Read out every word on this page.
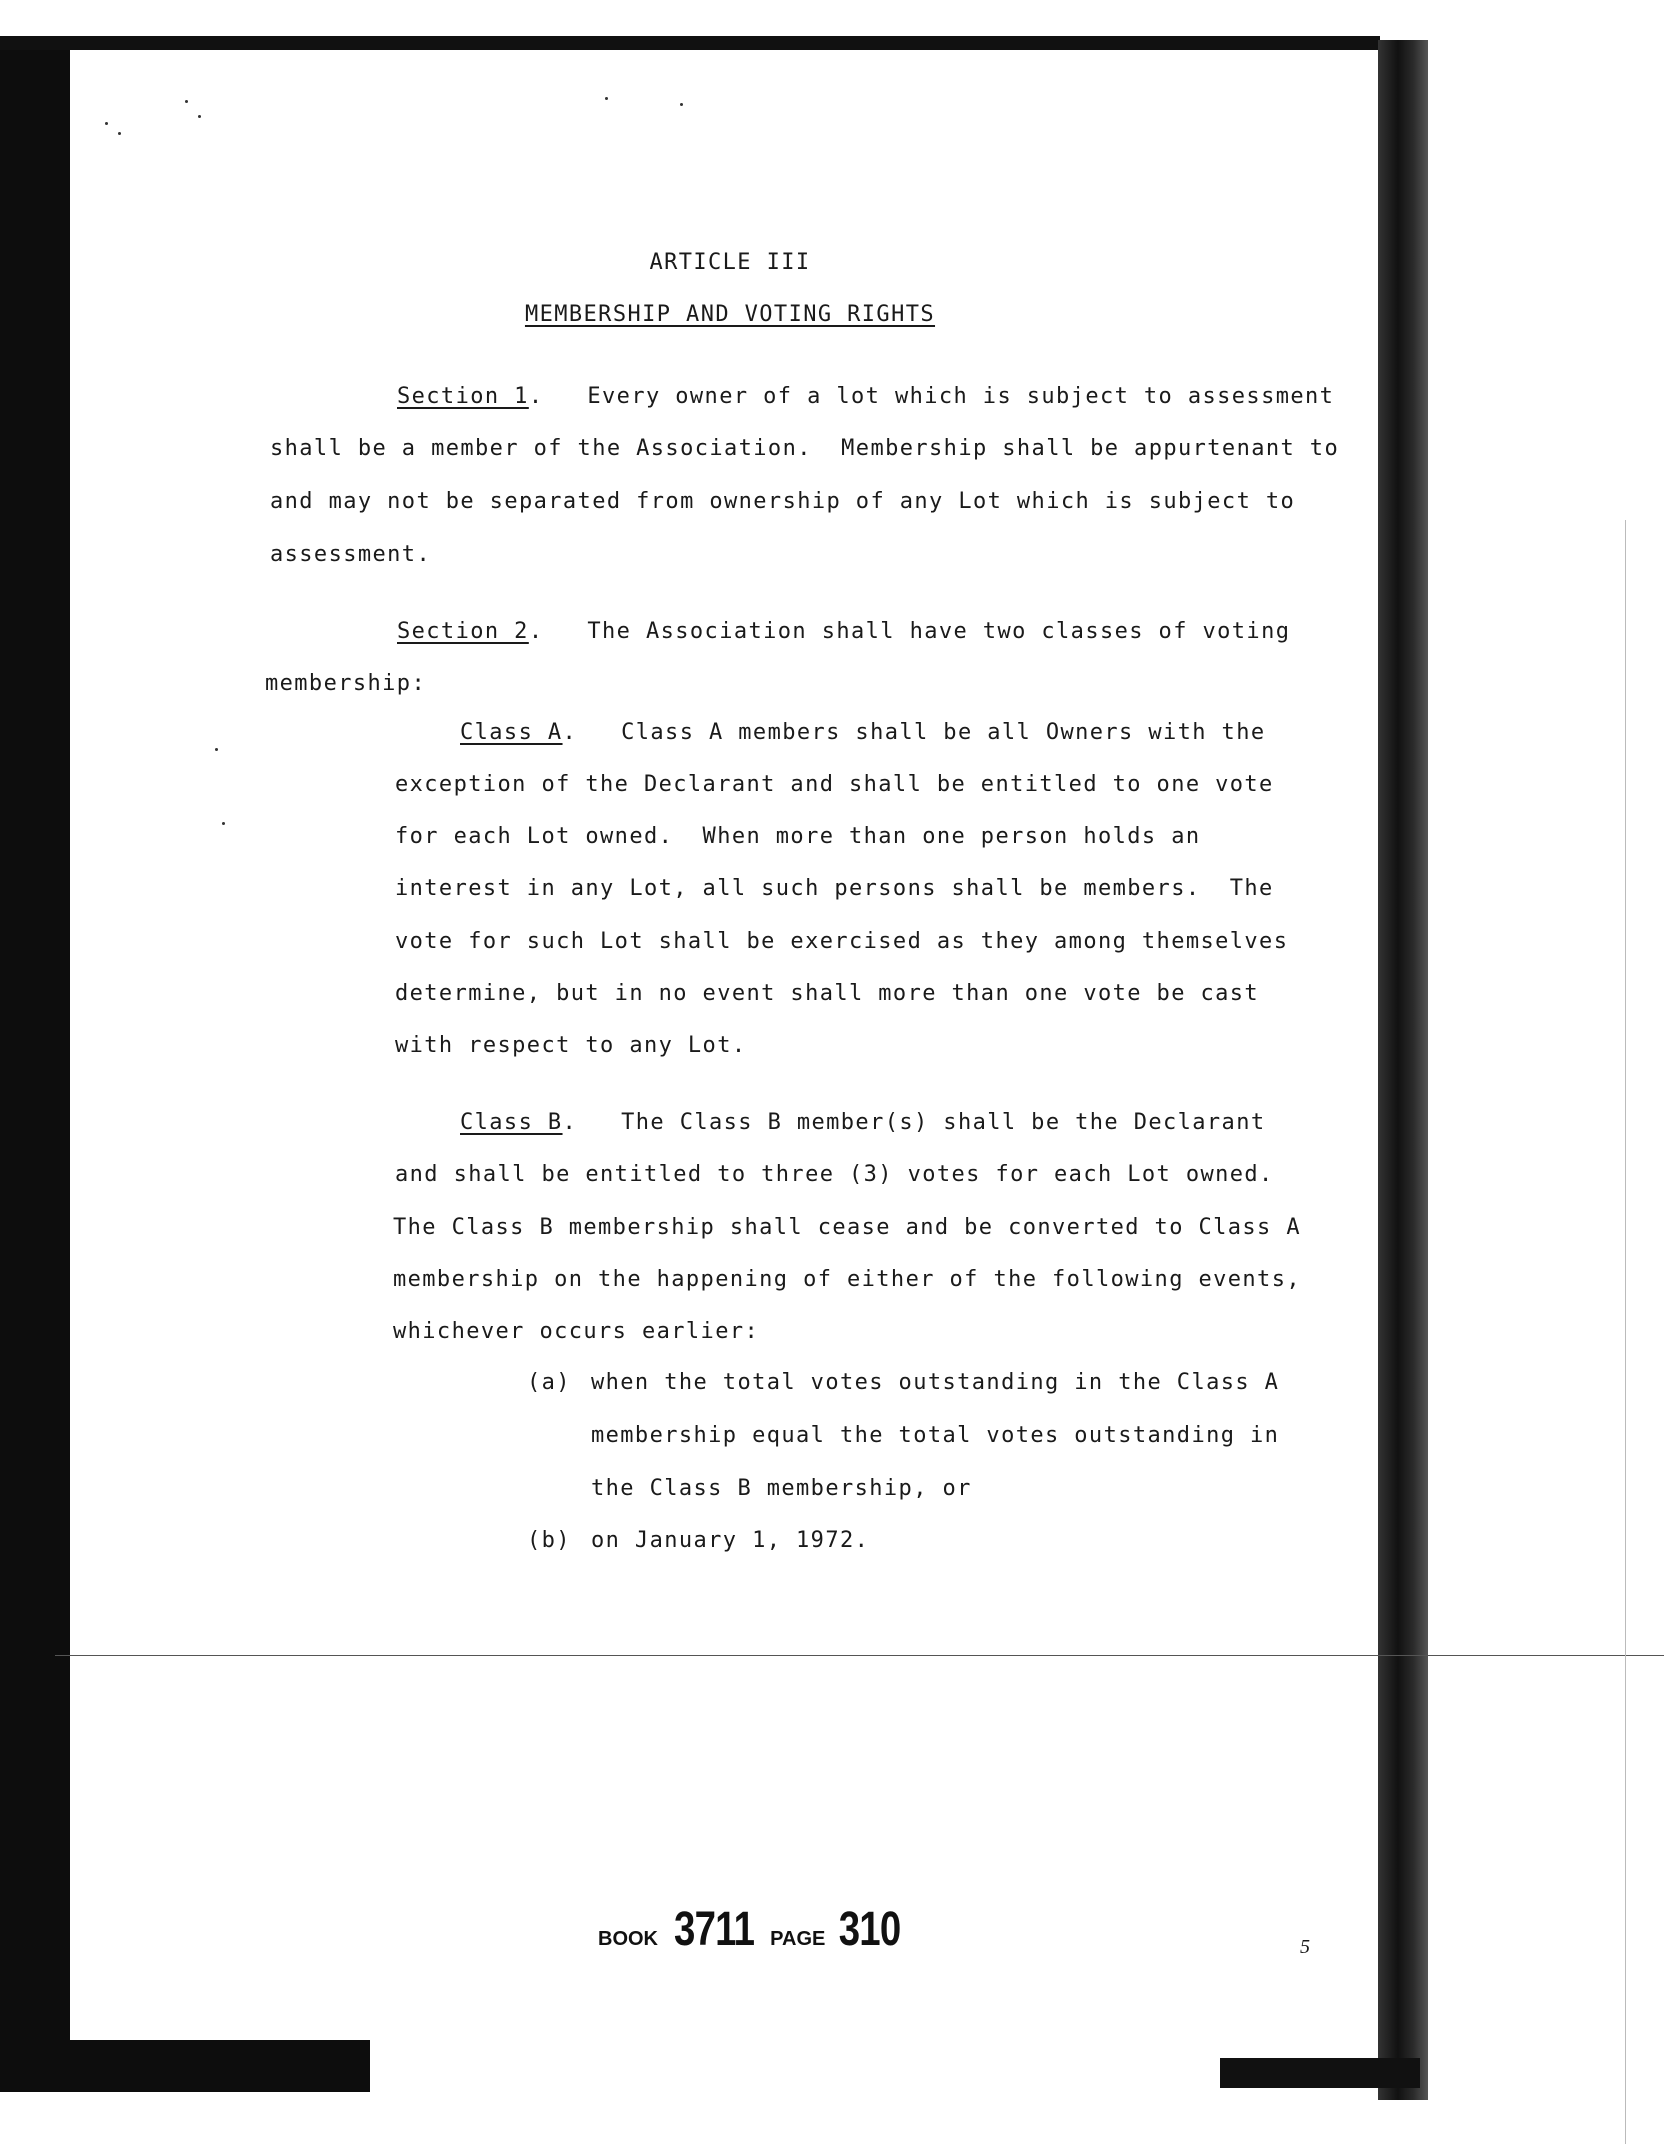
ARTICLE III
MEMBERSHIP AND VOTING RIGHTS
Section 1.   Every owner of a lot which is subject to assessment
shall be a member of the Association.  Membership shall be appurtenant to
and may not be separated from ownership of any Lot which is subject to
assessment.
Section 2.   The Association shall have two classes of voting
membership:
Class A.   Class A members shall be all Owners with the
exception of the Declarant and shall be entitled to one vote
for each Lot owned.  When more than one person holds an
interest in any Lot, all such persons shall be members.  The
vote for such Lot shall be exercised as they among themselves
determine, but in no event shall more than one vote be cast
with respect to any Lot.
Class B.   The Class B member(s) shall be the Declarant
and shall be entitled to three (3) votes for each Lot owned.
The Class B membership shall cease and be converted to Class A
membership on the happening of either of the following events,
whichever occurs earlier:
(a) when the total votes outstanding in the Class A
membership equal the total votes outstanding in
the Class B membership, or
(b) on January 1, 1972.
BOOK 3711 PAGE 310	5
